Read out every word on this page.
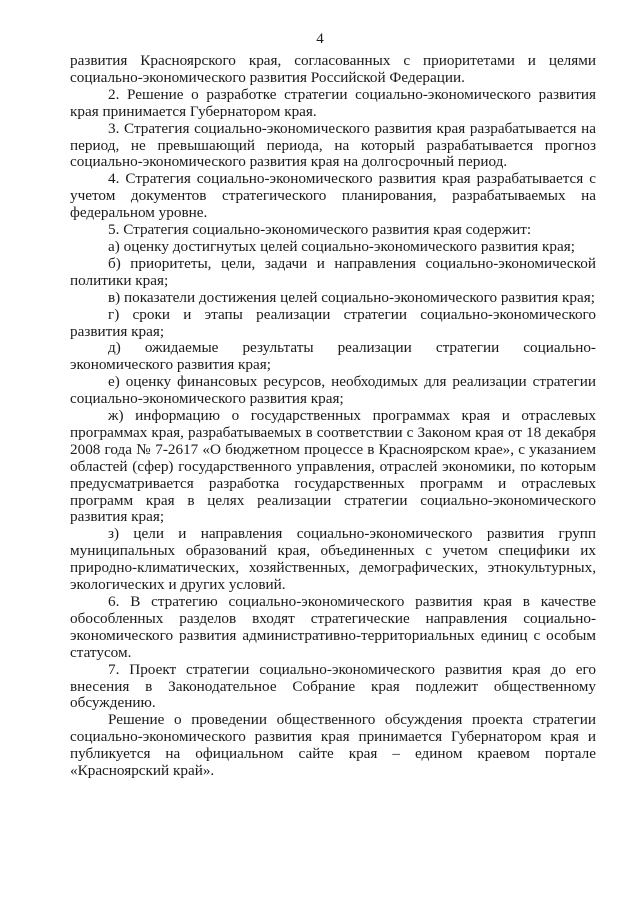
4

развития Красноярского края, согласованных с приоритетами и целями социально-экономического развития Российской Федерации.

2. Решение о разработке стратегии социально-экономического развития края принимается Губернатором края.

3. Стратегия социально-экономического развития края разрабатывается на период, не превышающий периода, на который разрабатывается прогноз социально-экономического развития края на долгосрочный период.

4. Стратегия социально-экономического развития края разрабатывается с учетом документов стратегического планирования, разрабатываемых на федеральном уровне.

5. Стратегия социально-экономического развития края содержит:

а) оценку достигнутых целей социально-экономического развития края;

б) приоритеты, цели, задачи и направления социально-экономической политики края;

в) показатели достижения целей социально-экономического развития края;

г) сроки и этапы реализации стратегии социально-экономического развития края;

д) ожидаемые результаты реализации стратегии социально-экономического развития края;

е) оценку финансовых ресурсов, необходимых для реализации стратегии социально-экономического развития края;

ж) информацию о государственных программах края и отраслевых программах края, разрабатываемых в соответствии с Законом края от 18 декабря 2008 года № 7-2617 «О бюджетном процессе в Красноярском крае», с указанием областей (сфер) государственного управления, отраслей экономики, по которым предусматривается разработка государственных программ и отраслевых программ края в целях реализации стратегии социально-экономического развития края;

з) цели и направления социально-экономического развития групп муниципальных образований края, объединенных с учетом специфики их природно-климатических, хозяйственных, демографических, этнокультурных, экологических и других условий.

6. В стратегию социально-экономического развития края в качестве обособленных разделов входят стратегические направления социально-экономического развития административно-территориальных единиц с особым статусом.

7. Проект стратегии социально-экономического развития края до его внесения в Законодательное Собрание края подлежит общественному обсуждению.

Решение о проведении общественного обсуждения проекта стратегии социально-экономического развития края принимается Губернатором края и публикуется на официальном сайте края – едином краевом портале «Красноярский край».
